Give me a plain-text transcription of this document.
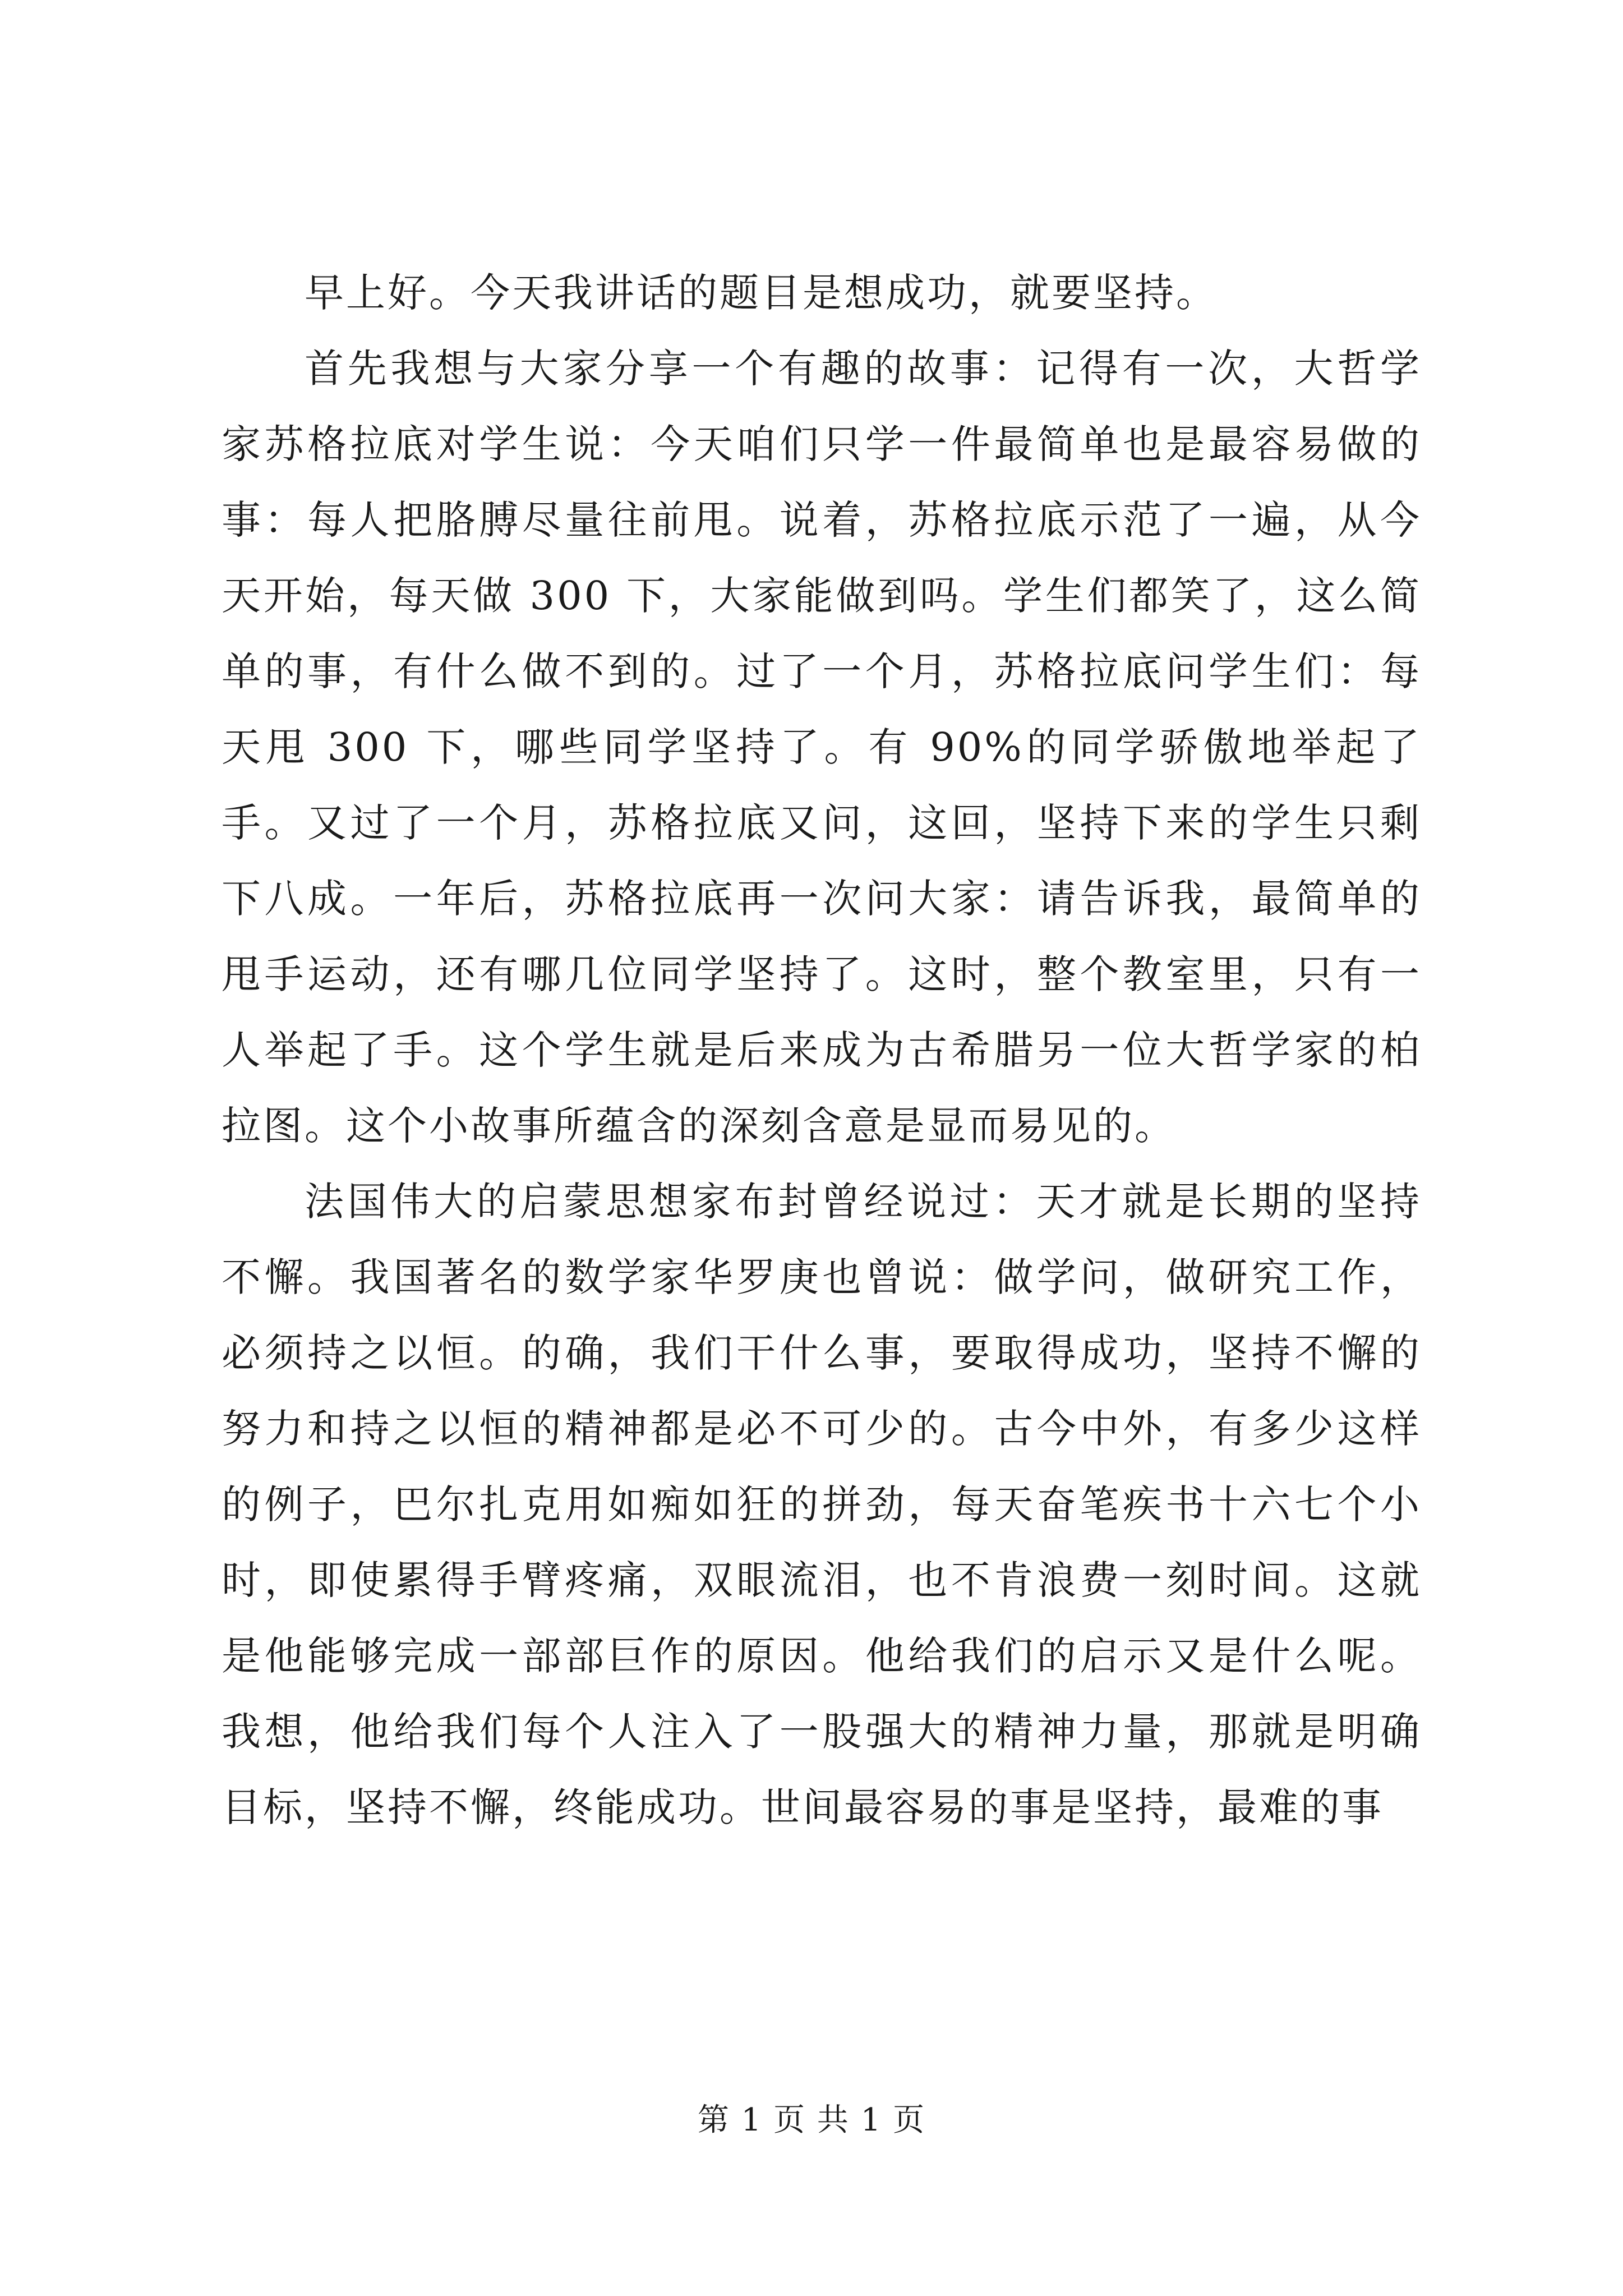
早上好。今天我讲话的题目是想成功，就要坚持。

首先我想与大家分享一个有趣的故事：记得有一次，大哲学家苏格拉底对学生说：今天咱们只学一件最简单也是最容易做的事：每人把胳膊尽量往前甩。说着，苏格拉底示范了一遍，从今天开始，每天做 300 下，大家能做到吗。学生们都笑了，这么简单的事，有什么做不到的。过了一个月，苏格拉底问学生们：每天甩 300 下，哪些同学坚持了。有 90%的同学骄傲地举起了手。又过了一个月，苏格拉底又问，这回，坚持下来的学生只剩下八成。一年后，苏格拉底再一次问大家：请告诉我，最简单的甩手运动，还有哪几位同学坚持了。这时，整个教室里，只有一人举起了手。这个学生就是后来成为古希腊另一位大哲学家的柏拉图。这个小故事所蕴含的深刻含意是显而易见的。

法国伟大的启蒙思想家布封曾经说过：天才就是长期的坚持不懈。我国著名的数学家华罗庚也曾说：做学问，做研究工作，必须持之以恒。的确，我们干什么事，要取得成功，坚持不懈的努力和持之以恒的精神都是必不可少的。古今中外，有多少这样的例子，巴尔扎克用如痴如狂的拼劲，每天奋笔疾书十六七个小时，即使累得手臂疼痛，双眼流泪，也不肯浪费一刻时间。这就是他能够完成一部部巨作的原因。他给我们的启示又是什么呢。我想，他给我们每个人注入了一股强大的精神力量，那就是明确目标，坚持不懈，终能成功。世间最容易的事是坚持，最难的事

第 1 页 共 1 页
